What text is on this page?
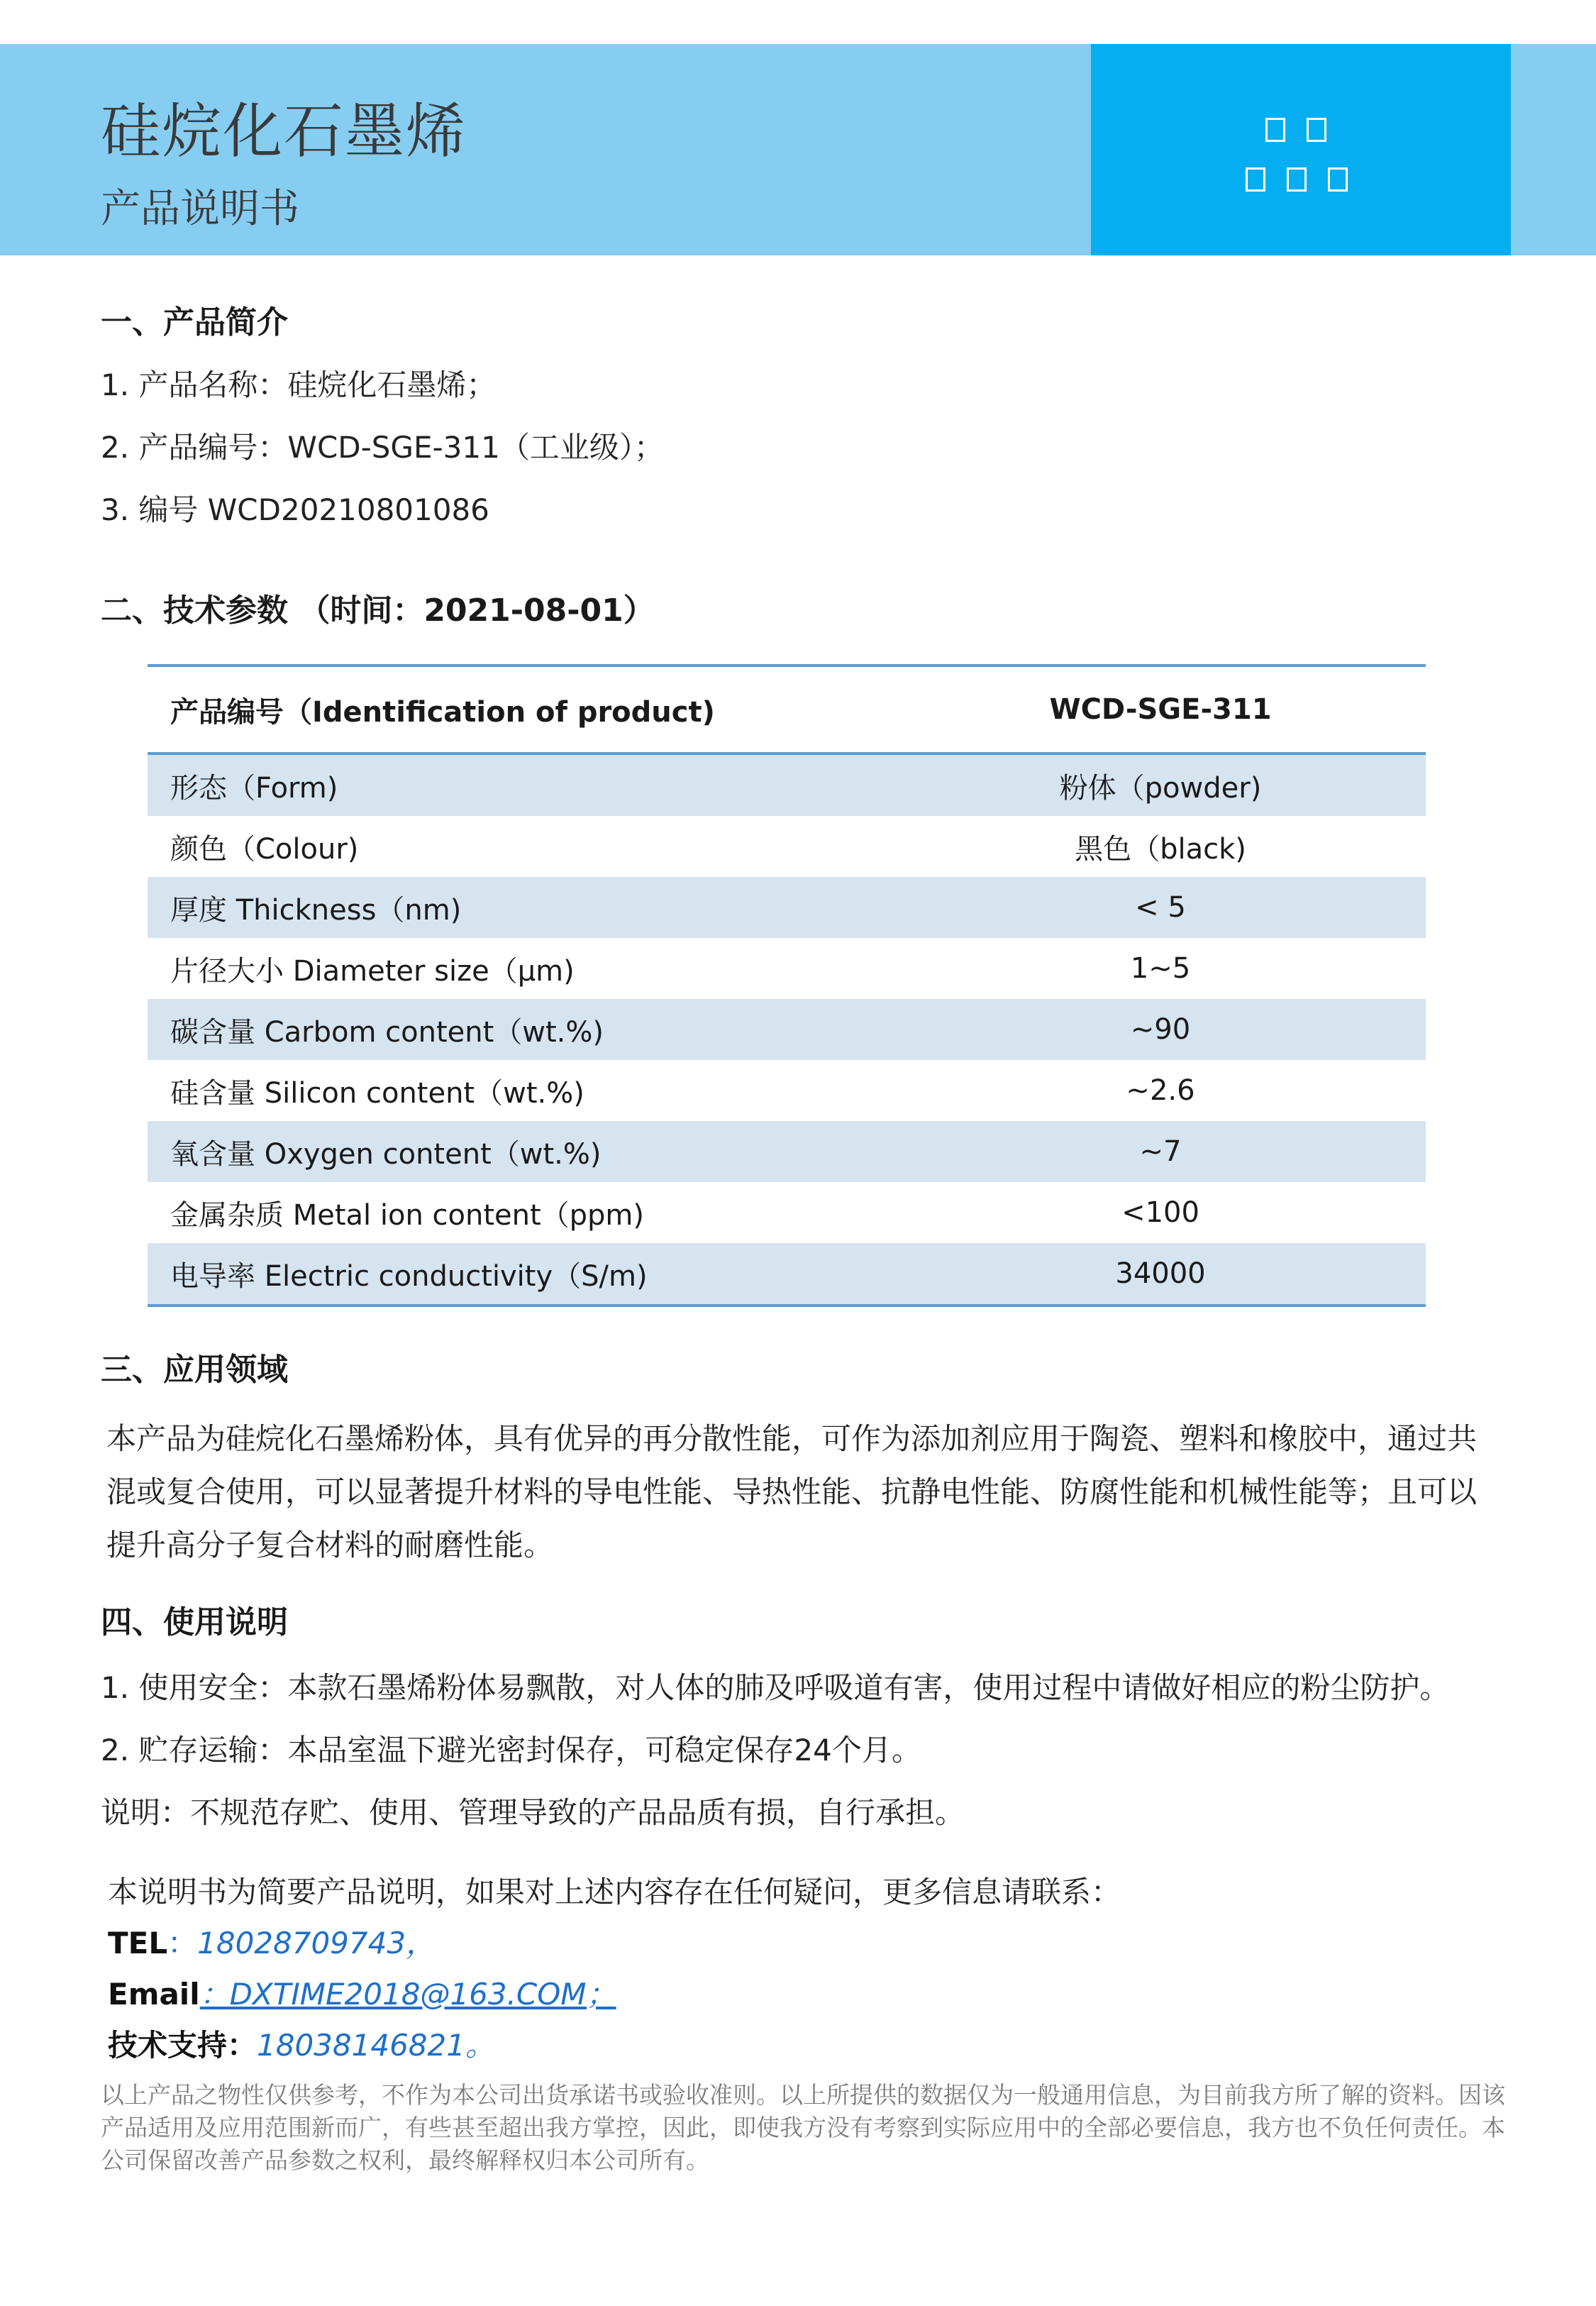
硅烷化石墨烯
产品说明书
一、产品简介
1. 产品名称：硅烷化石墨烯；
2. 产品编号：WCD-SGE-311（工业级）；
3. 编号 WCD20210801086
二、技术参数 （时间：2021-08-01）
产品编号（Identification of product)	WCD-SGE-311
形态（Form)	粉体（powder)
颜色（Colour)	黑色（black)
厚度 Thickness（nm)	< 5
片径大小 Diameter size（μm)	1~5
碳含量 Carbom content（wt.%)	~90
硅含量 Silicon content（wt.%)	~2.6
氧含量 Oxygen content（wt.%)	~7
金属杂质 Metal ion content（ppm)	<100
电导率 Electric conductivity（S/m)	34000
三、应用领域
本产品为硅烷化石墨烯粉体，具有优异的再分散性能，可作为添加剂应用于陶瓷、塑料和橡胶中，通过共混或复合使用，可以显著提升材料的导电性能、导热性能、抗静电性能、防腐性能和机械性能等；且可以提升高分子复合材料的耐磨性能。
四、使用说明
1. 使用安全：本款石墨烯粉体易飘散，对人体的肺及呼吸道有害，使用过程中请做好相应的粉尘防护。
2. 贮存运输：本品室温下避光密封保存，可稳定保存24个月。
说明：不规范存贮、使用、管理导致的产品品质有损，自行承担。
本说明书为简要产品说明，如果对上述内容存在任何疑问，更多信息请联系：
TEL：18028709743，
Email：DXTIME2018@163.COM；
技术支持：18038146821。
以上产品之物性仅供参考，不作为本公司出货承诺书或验收准则。以上所提供的数据仅为一般通用信息，为目前我方所了解的资料。因该产品适用及应用范围新而广，有些甚至超出我方掌控，因此，即使我方没有考察到实际应用中的全部必要信息，我方也不负任何责任。本公司保留改善产品参数之权利，最终解释权归本公司所有。
